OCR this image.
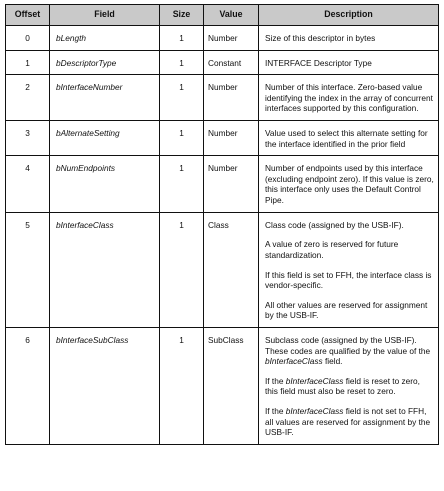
Offset	Field	Size	Value	Description
0	bLength	1	Number	Size of this descriptor in bytes

1	bDescriptorType	1	Constant	INTERFACE Descriptor Type

2	bInterfaceNumber	1	Number	Number of this interface. Zero-based value identifying the index in the array of concurrent interfaces supported by this configuration.

3	bAlternateSetting	1	Number	Value used to select this alternate setting for the interface identified in the prior field

4	bNumEndpoints	1	Number	Number of endpoints used by this interface (excluding endpoint zero). If this value is zero, this interface only uses the Default Control Pipe.

5	bInterfaceClass	1	Class	Class code (assigned by the USB-IF).

A value of zero is reserved for future standardization.

If this field is set to FFH, the interface class is vendor-specific.

All other values are reserved for assignment by the USB-IF.

6	bInterfaceSubClass	1	SubClass	Subclass code (assigned by the USB-IF). These codes are qualified by the value of the bInterfaceClass field.

If the bInterfaceClass field is reset to zero, this field must also be reset to zero.

If the bInterfaceClass field is not set to FFH, all values are reserved for assignment by the USB-IF.
